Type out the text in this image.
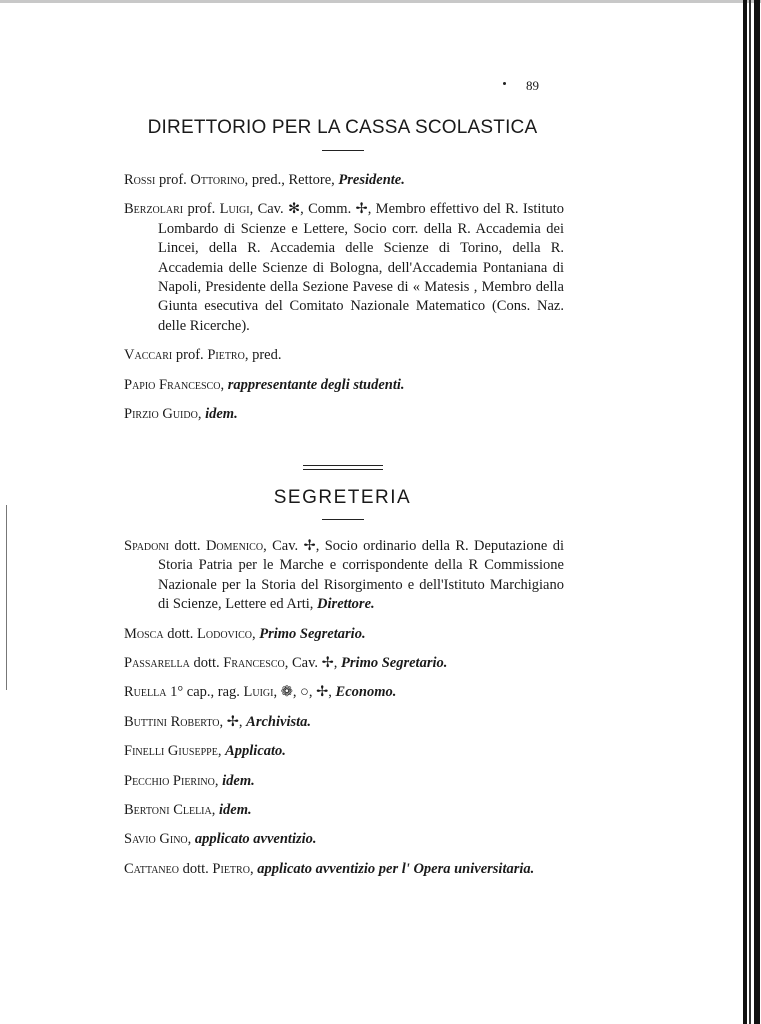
89
DIRETTORIO PER LA CASSA SCOLASTICA
Rossi prof. Ottorino, pred., Rettore, Presidente.
Berzolari prof. Luigi, Cav. ✻, Comm. ✢, Membro effettivo del R. Istituto Lombardo di Scienze e Lettere, Socio corr. della R. Accademia dei Lincei, della R. Accademia delle Scienze di Torino, della R. Accademia delle Scienze di Bologna, dell'Accademia Pontaniana di Napoli, Presidente della Sezione Pavese di « Matesis , Membro della Giunta esecutiva del Comitato Nazionale Matematico (Cons. Naz. delle Ricerche).
Vaccari prof. Pietro, pred.
Papio Francesco, rappresentante degli studenti.
Pirzio Guido, idem.
SEGRETERIA
Spadoni dott. Domenico, Cav. ✢, Socio ordinario della R. Deputazione di Storia Patria per le Marche e corrispondente della R Commissione Nazionale per la Storia del Risorgimento e dell'Istituto Marchigiano di Scienze, Lettere ed Arti, Direttore.
Mosca dott. Lodovico, Primo Segretario.
Passarella dott. Francesco, Cav. ✢, Primo Segretario.
Ruella 1° cap., rag. Luigi, ❁, ○, ✢, Economo.
Buttini Roberto, ✢, Archivista.
Finelli Giuseppe, Applicato.
Pecchio Pierino, idem.
Bertoni Clelia, idem.
Savio Gino, applicato avventizio.
Cattaneo dott. Pietro, applicato avventizio per l' Opera universitaria.
